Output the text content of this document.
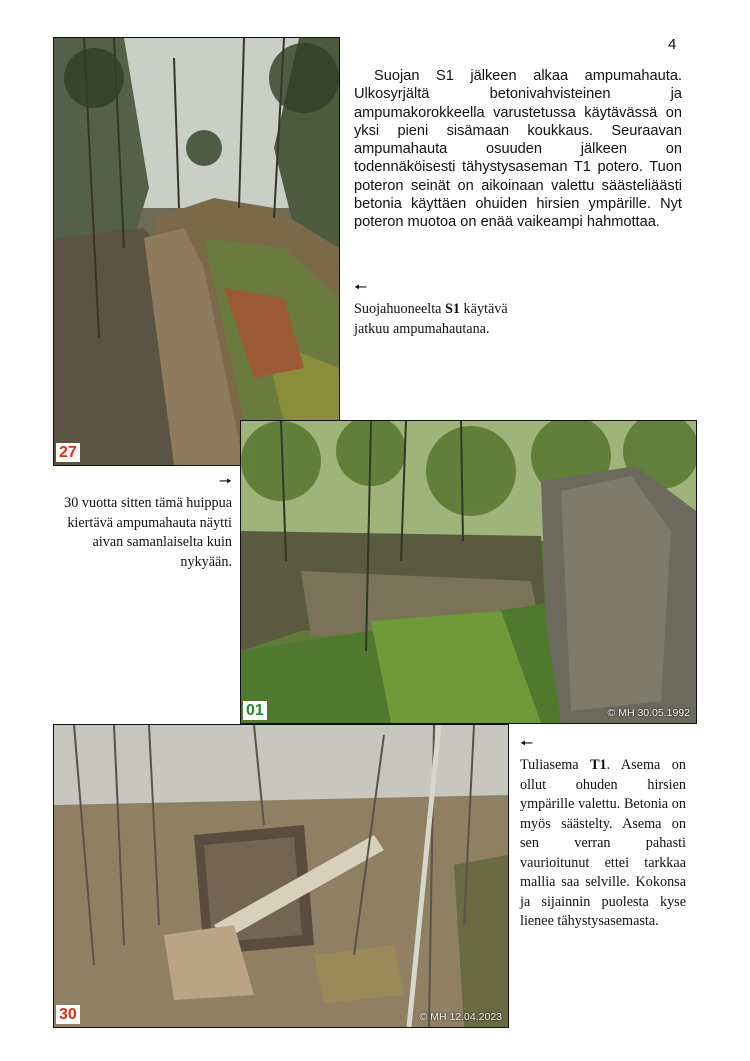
4
27

Suojan S1 jälkeen alkaa ampumahauta. Ulkosyrjältä betonivahvisteinen ja ampumakorokkeella varustetussa käytävässä on yksi pieni sisämaan koukkaus. Seuraavan ampumahauta osuuden jälkeen on todennäköisesti tähystysaseman T1 potero. Tuon poteron seinät on aikoinaan valettu säästeliäästi betonia käyttäen ohuiden hirsien ympärille. Nyt poteron muotoa on enää vaikeampi hahmottaa.

🠔
Suojahuoneelta S1 käytävä jatkuu ampumahautana.

01	© MH 30.05.1992

🠖
30 vuotta sitten tämä huippua kiertävä ampumahauta näytti aivan samanlaiselta kuin nykyään.

30	© MH 12.04.2023

🠔
Tuliasema T1. Asema on ollut ohuden hirsien ympärille valettu. Betonia on myös säästelty. Asema on sen verran pahasti vaurioitunut ettei tarkkaa mallia saa selville. Kokonsa ja sijainnin puolesta kyse lienee tähystysasemasta.
